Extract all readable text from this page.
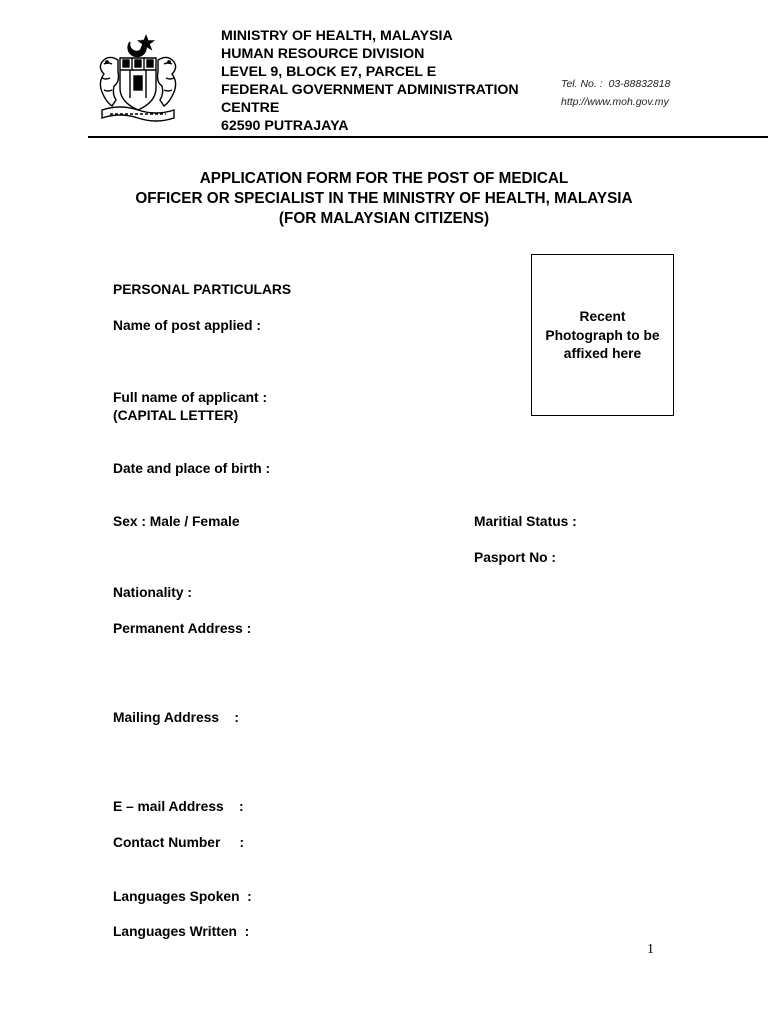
MINISTRY OF HEALTH, MALAYSIA
HUMAN RESOURCE DIVISION
LEVEL 9, BLOCK E7, PARCEL E
FEDERAL GOVERNMENT ADMINISTRATION
CENTRE
62590 PUTRAJAYA
Tel. No. : 03-88832818
http://www.moh.gov.my
APPLICATION FORM FOR THE POST OF MEDICAL
OFFICER OR SPECIALIST IN THE MINISTRY OF HEALTH, MALAYSIA
(FOR MALAYSIAN CITIZENS)
Recent
Photograph to be
affixed here
PERSONAL PARTICULARS
Name of post applied :
Full name of applicant :
(CAPITAL LETTER)
Date and place of birth :
Sex : Male / Female	Maritial Status :
Pasport No :
Nationality :
Permanent Address :
Mailing Address    :
E – mail Address    :
Contact Number     :
Languages Spoken  :
Languages Written  :
1
